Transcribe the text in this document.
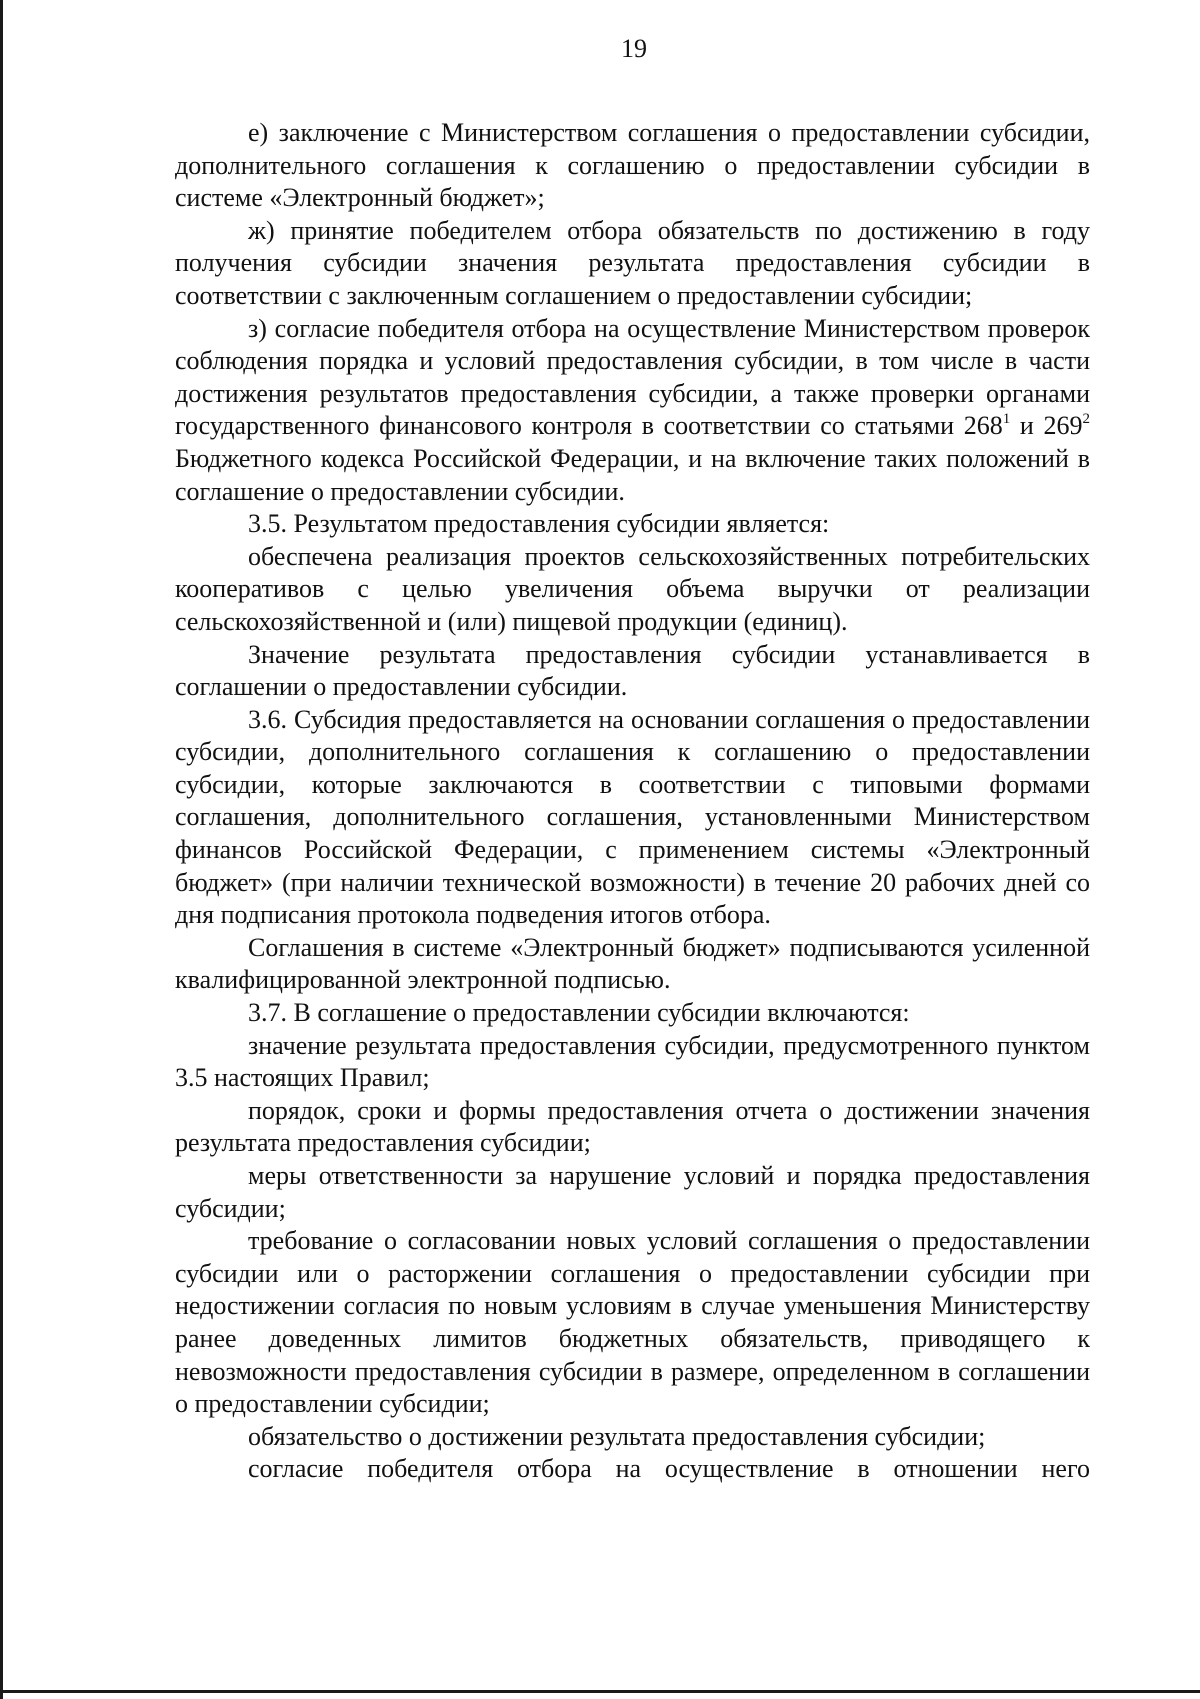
19

е) заключение с Министерством соглашения о предоставлении субсидии, дополнительного соглашения к соглашению о предоставлении субсидии в системе «Электронный бюджет»;

ж) принятие победителем отбора обязательств по достижению в году получения субсидии значения результата предоставления субсидии в соответствии с заключенным соглашением о предоставлении субсидии;

з) согласие победителя отбора на осуществление Министерством проверок соблюдения порядка и условий предоставления субсидии, в том числе в части достижения результатов предоставления субсидии, а также проверки органами государственного финансового контроля в соответствии со статьями $268^1$ и $269^2$ Бюджетного кодекса Российской Федерации, и на включение таких положений в соглашение о предоставлении субсидии.

3.5. Результатом предоставления субсидии является:

обеспечена реализация проектов сельскохозяйственных потребительских кооперативов с целью увеличения объема выручки от реализации сельскохозяйственной и (или) пищевой продукции (единиц).

Значение результата предоставления субсидии устанавливается в соглашении о предоставлении субсидии.

3.6. Субсидия предоставляется на основании соглашения о предоставлении субсидии, дополнительного соглашения к соглашению о предоставлении субсидии, которые заключаются в соответствии с типовыми формами соглашения, дополнительного соглашения, установленными Министерством финансов Российской Федерации, с применением системы «Электронный бюджет» (при наличии технической возможности) в течение 20 рабочих дней со дня подписания протокола подведения итогов отбора.

Соглашения в системе «Электронный бюджет» подписываются усиленной квалифицированной электронной подписью.

3.7. В соглашение о предоставлении субсидии включаются:

значение результата предоставления субсидии, предусмотренного пунктом 3.5 настоящих Правил;

порядок, сроки и формы предоставления отчета о достижении значения результата предоставления субсидии;

меры ответственности за нарушение условий и порядка предоставления субсидии;

требование о согласовании новых условий соглашения о предоставлении субсидии или о расторжении соглашения о предоставлении субсидии при недостижении согласия по новым условиям в случае уменьшения Министерству ранее доведенных лимитов бюджетных обязательств, приводящего к невозможности предоставления субсидии в размере, определенном в соглашении о предоставлении субсидии;

обязательство о достижении результата предоставления субсидии;

согласие победителя отбора на осуществление в отношении него
